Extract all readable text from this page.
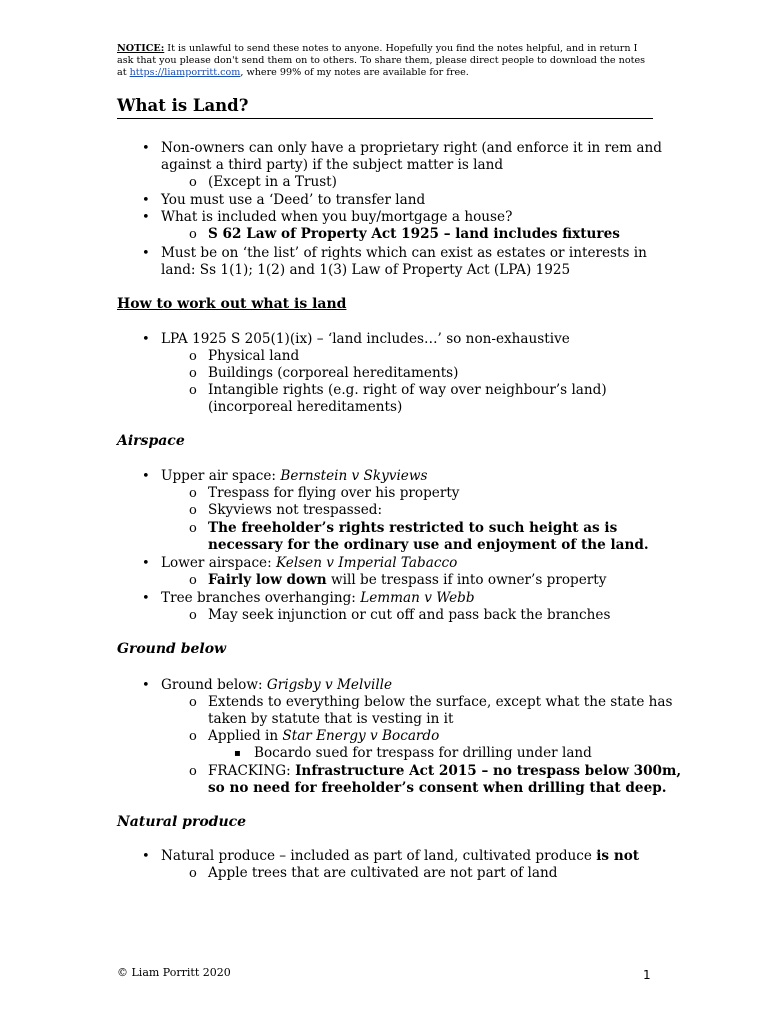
NOTICE: It is unlawful to send these notes to anyone. Hopefully you find the notes helpful, and in return I ask that you please don't send them on to others. To share them, please direct people to download the notes at https://liamporritt.com, where 99% of my notes are available for free.
What is Land?
• Non-owners can only have a proprietary right (and enforce it in rem and
against a third party) if the subject matter is land
o (Except in a Trust)
• You must use a ‘Deed’ to transfer land
• What is included when you buy/mortgage a house?
o S 62 Law of Property Act 1925 – land includes fixtures
• Must be on ‘the list’ of rights which can exist as estates or interests in
land: Ss 1(1); 1(2) and 1(3) Law of Property Act (LPA) 1925
How to work out what is land
• LPA 1925 S 205(1)(ix) – ‘land includes…’ so non-exhaustive
o Physical land
o Buildings (corporeal hereditaments)
o Intangible rights (e.g. right of way over neighbour’s land)
(incorporeal hereditaments)
Airspace
• Upper air space: Bernstein v Skyviews
o Trespass for flying over his property
o Skyviews not trespassed:
o The freeholder’s rights restricted to such height as is
necessary for the ordinary use and enjoyment of the land.
• Lower airspace: Kelsen v Imperial Tabacco
o Fairly low down will be trespass if into owner’s property
• Tree branches overhanging: Lemman v Webb
o May seek injunction or cut off and pass back the branches
Ground below
• Ground below: Grigsby v Melville
o Extends to everything below the surface, except what the state has
taken by statute that is vesting in it
o Applied in Star Energy v Bocardo
▪ Bocardo sued for trespass for drilling under land
o FRACKING: Infrastructure Act 2015 – no trespass below 300m,
so no need for freeholder’s consent when drilling that deep.
Natural produce
• Natural produce – included as part of land, cultivated produce is not
o Apple trees that are cultivated are not part of land
© Liam Porritt 2020	1
